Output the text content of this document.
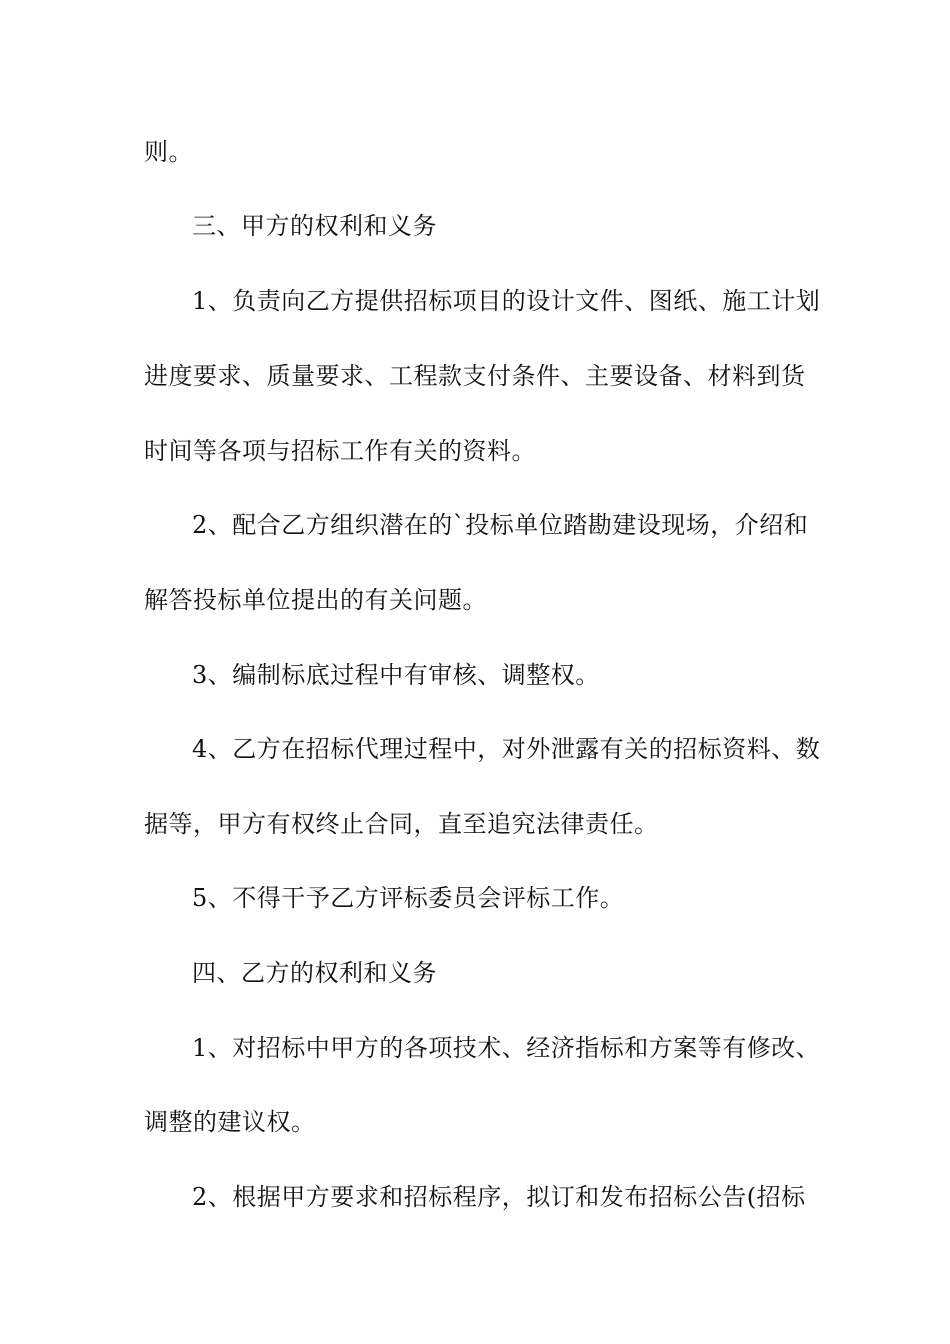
则。
三、甲方的权利和义务
1、负责向乙方提供招标项目的设计文件、图纸、施工计划
进度要求、质量要求、工程款支付条件、主要设备、材料到货
时间等各项与招标工作有关的资料。
2、配合乙方组织潜在的`投标单位踏勘建设现场，介绍和
解答投标单位提出的有关问题。
3、编制标底过程中有审核、调整权。
4、乙方在招标代理过程中，对外泄露有关的招标资料、数
据等，甲方有权终止合同，直至追究法律责任。
5、不得干予乙方评标委员会评标工作。
四、乙方的权利和义务
1、对招标中甲方的各项技术、经济指标和方案等有修改、
调整的建议权。
2、根据甲方要求和招标程序，拟订和发布招标公告(招标
